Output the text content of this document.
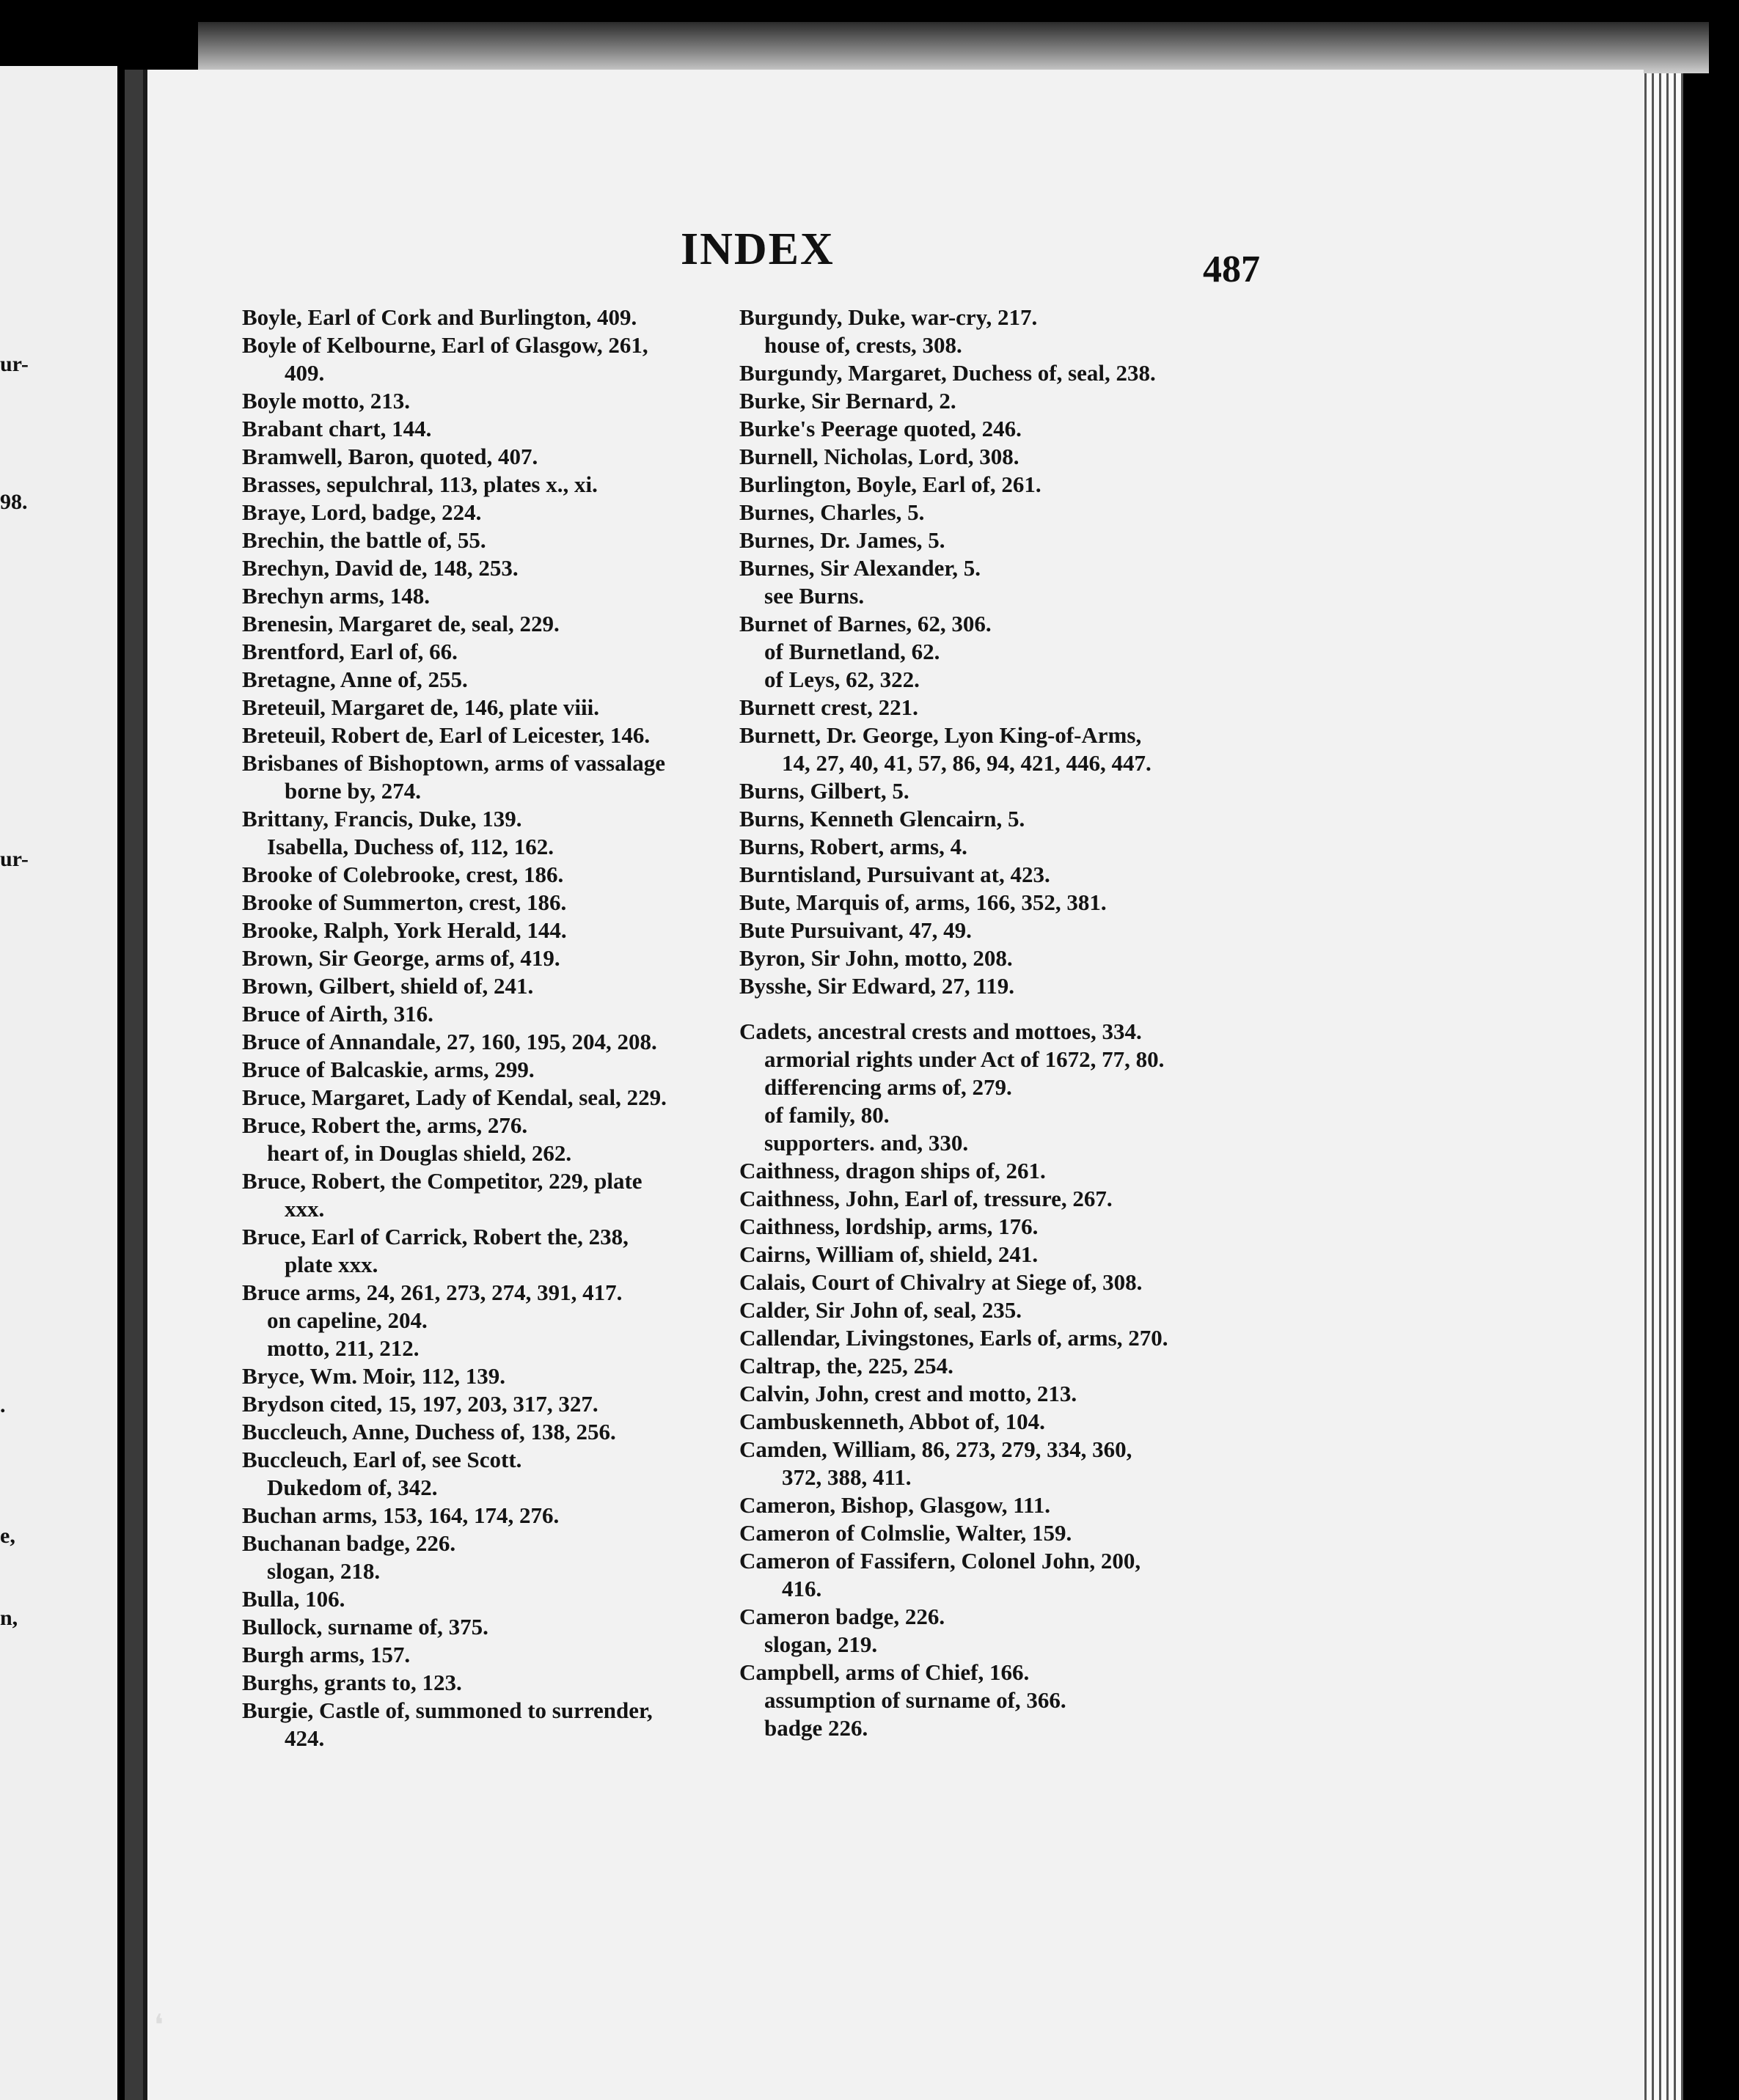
ur-
98.
ur-
.
e,
n,
INDEX	487
Boyle, Earl of Cork and Burlington, 409.
Boyle of Kelbourne, Earl of Glasgow, 261,
409.
Boyle motto, 213.
Brabant chart, 144.
Bramwell, Baron, quoted, 407.
Brasses, sepulchral, 113, plates x., xi.
Braye, Lord, badge, 224.
Brechin, the battle of, 55.
Brechyn, David de, 148, 253.
Brechyn arms, 148.
Brenesin, Margaret de, seal, 229.
Brentford, Earl of, 66.
Bretagne, Anne of, 255.
Breteuil, Margaret de, 146, plate viii.
Breteuil, Robert de, Earl of Leicester, 146.
Brisbanes of Bishoptown, arms of vassalage
borne by, 274.
Brittany, Francis, Duke, 139.
Isabella, Duchess of, 112, 162.
Brooke of Colebrooke, crest, 186.
Brooke of Summerton, crest, 186.
Brooke, Ralph, York Herald, 144.
Brown, Sir George, arms of, 419.
Brown, Gilbert, shield of, 241.
Bruce of Airth, 316.
Bruce of Annandale, 27, 160, 195, 204, 208.
Bruce of Balcaskie, arms, 299.
Bruce, Margaret, Lady of Kendal, seal, 229.
Bruce, Robert the, arms, 276.
heart of, in Douglas shield, 262.
Bruce, Robert, the Competitor, 229, plate
xxx.
Bruce, Earl of Carrick, Robert the, 238,
plate xxx.
Bruce arms, 24, 261, 273, 274, 391, 417.
on capeline, 204.
motto, 211, 212.
Bryce, Wm. Moir, 112, 139.
Brydson cited, 15, 197, 203, 317, 327.
Buccleuch, Anne, Duchess of, 138, 256.
Buccleuch, Earl of, see Scott.
Dukedom of, 342.
Buchan arms, 153, 164, 174, 276.
Buchanan badge, 226.
slogan, 218.
Bulla, 106.
Bullock, surname of, 375.
Burgh arms, 157.
Burghs, grants to, 123.
Burgie, Castle of, summoned to surrender,
424.
Burgundy, Duke, war-cry, 217.
house of, crests, 308.
Burgundy, Margaret, Duchess of, seal, 238.
Burke, Sir Bernard, 2.
Burke's Peerage quoted, 246.
Burnell, Nicholas, Lord, 308.
Burlington, Boyle, Earl of, 261.
Burnes, Charles, 5.
Burnes, Dr. James, 5.
Burnes, Sir Alexander, 5.
see Burns.
Burnet of Barnes, 62, 306.
of Burnetland, 62.
of Leys, 62, 322.
Burnett crest, 221.
Burnett, Dr. George, Lyon King-of-Arms,
14, 27, 40, 41, 57, 86, 94, 421, 446, 447.
Burns, Gilbert, 5.
Burns, Kenneth Glencairn, 5.
Burns, Robert, arms, 4.
Burntisland, Pursuivant at, 423.
Bute, Marquis of, arms, 166, 352, 381.
Bute Pursuivant, 47, 49.
Byron, Sir John, motto, 208.
Bysshe, Sir Edward, 27, 119.
Cadets, ancestral crests and mottoes, 334.
armorial rights under Act of 1672, 77, 80.
differencing arms of, 279.
of family, 80.
supporters. and, 330.
Caithness, dragon ships of, 261.
Caithness, John, Earl of, tressure, 267.
Caithness, lordship, arms, 176.
Cairns, William of, shield, 241.
Calais, Court of Chivalry at Siege of, 308.
Calder, Sir John of, seal, 235.
Callendar, Livingstones, Earls of, arms, 270.
Caltrap, the, 225, 254.
Calvin, John, crest and motto, 213.
Cambuskenneth, Abbot of, 104.
Camden, William, 86, 273, 279, 334, 360,
372, 388, 411.
Cameron, Bishop, Glasgow, 111.
Cameron of Colmslie, Walter, 159.
Cameron of Fassifern, Colonel John, 200,
416.
Cameron badge, 226.
slogan, 219.
Campbell, arms of Chief, 166.
assumption of surname of, 366.
badge 226.
❛
